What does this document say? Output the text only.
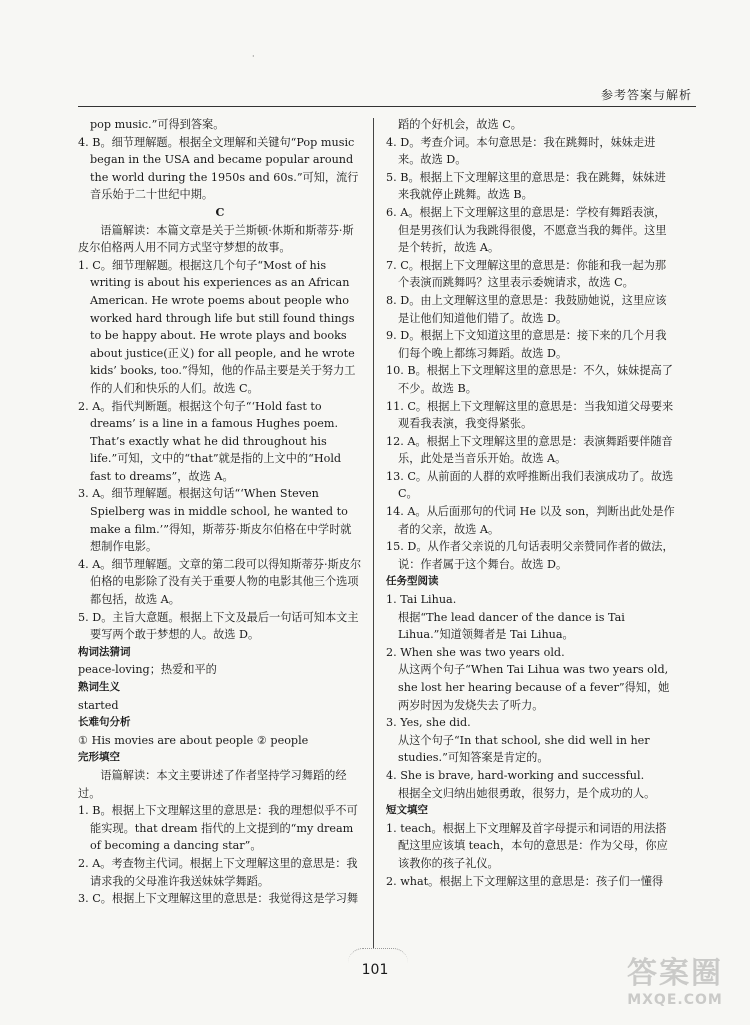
·
参考答案与解析

pop music.”可得到答案。

4. B。细节理解题。根据全文理解和关键句“Pop music began in the USA and became popular around the world during the 1950s and 60s.”可知，流行音乐始于二十世纪中期。

C

语篇解读：本篇文章是关于兰斯顿·休斯和斯蒂芬·斯皮尔伯格两人用不同方式坚守梦想的故事。

1. C。细节理解题。根据这几个句子“Most of his writing is about his experiences as an African American. He wrote poems about people who worked hard through life but still found things to be happy about. He wrote plays and books about justice(正义) for all people, and he wrote kids’ books, too.”得知，他的作品主要是关于努力工作的人们和快乐的人们。故选 C。

2. A。指代判断题。根据这个句子“‘Hold fast to dreams’ is a line in a famous Hughes poem. That’s exactly what he did throughout his life.”可知，文中的“that”就是指的上文中的“Hold fast to dreams”，故选 A。

3. A。细节理解题。根据这句话“‘When Steven Spielberg was in middle school, he wanted to make a film.’”得知，斯蒂芬·斯皮尔伯格在中学时就想制作电影。

4. A。细节理解题。文章的第二段可以得知斯蒂芬·斯皮尔伯格的电影除了没有关于重要人物的电影其他三个选项都包括，故选 A。

5. D。主旨大意题。根据上下文及最后一句话可知本文主要写两个敢于梦想的人。故选 D。

构词法猜词

peace-loving；热爱和平的

熟词生义

started

长难句分析

① His movies are about people ② people

完形填空

语篇解读：本文主要讲述了作者坚持学习舞蹈的经过。

1. B。根据上下文理解这里的意思是：我的理想似乎不可能实现。that dream 指代的上文提到的“my dream of becoming a dancing star”。

2. A。考查物主代词。根据上下文理解这里的意思是：我请求我的父母准许我送妹妹学舞蹈。

3. C。根据上下文理解这里的意思是：我觉得这是学习舞

蹈的个好机会，故选 C。

4. D。考查介词。本句意思是：我在跳舞时，妹妹走进来。故选 D。

5. B。根据上下文理解这里的意思是：我在跳舞，妹妹进来我就停止跳舞。故选 B。

6. A。根据上下文理解这里的意思是：学校有舞蹈表演，但是男孩们认为我跳得很傻，不愿意当我的舞伴。这里是个转折，故选 A。

7. C。根据上下文理解这里的意思是：你能和我一起为那个表演而跳舞吗？这里表示委婉请求，故选 C。

8. D。由上文理解这里的意思是：我鼓励她说，这里应该是让他们知道他们错了。故选 D。

9. D。根据上下文知道这里的意思是：接下来的几个月我们每个晚上都练习舞蹈。故选 D。

10. B。根据上下文理解这里的意思是：不久，妹妹提高了不少。故选 B。

11. C。根据上下文理解这里的意思是：当我知道父母要来观看我表演，我变得紧张。

12. A。根据上下文理解这里的意思是：表演舞蹈要伴随音乐，此处是当音乐开始。故选 A。

13. C。从前面的人群的欢呼推断出我们表演成功了。故选 C。

14. A。从后面那句的代词 He 以及 son，判断出此处是作者的父亲，故选 A。

15. D。从作者父亲说的几句话表明父亲赞同作者的做法，说：作者属于这个舞台。故选 D。

任务型阅读

1. Tai Lihua.

根据“The lead dancer of the dance is Tai Lihua.”知道领舞者是 Tai Lihua。

2. When she was two years old.

从这两个句子“When Tai Lihua was two years old, she lost her hearing because of a fever”得知，她两岁时因为发烧失去了听力。

3. Yes, she did.

从这个句子“In that school, she did well in her studies.”可知答案是肯定的。

4. She is brave, hard-working and successful.

根据全文归纳出她很勇敢，很努力，是个成功的人。

短文填空

1. teach。根据上下文理解及首字母提示和词语的用法搭配这里应该填 teach，本句的意思是：作为父母，你应该教你的孩子礼仪。

2. what。根据上下文理解这里的意思是：孩子们一懂得

101	答案圈
MXQE.COM
